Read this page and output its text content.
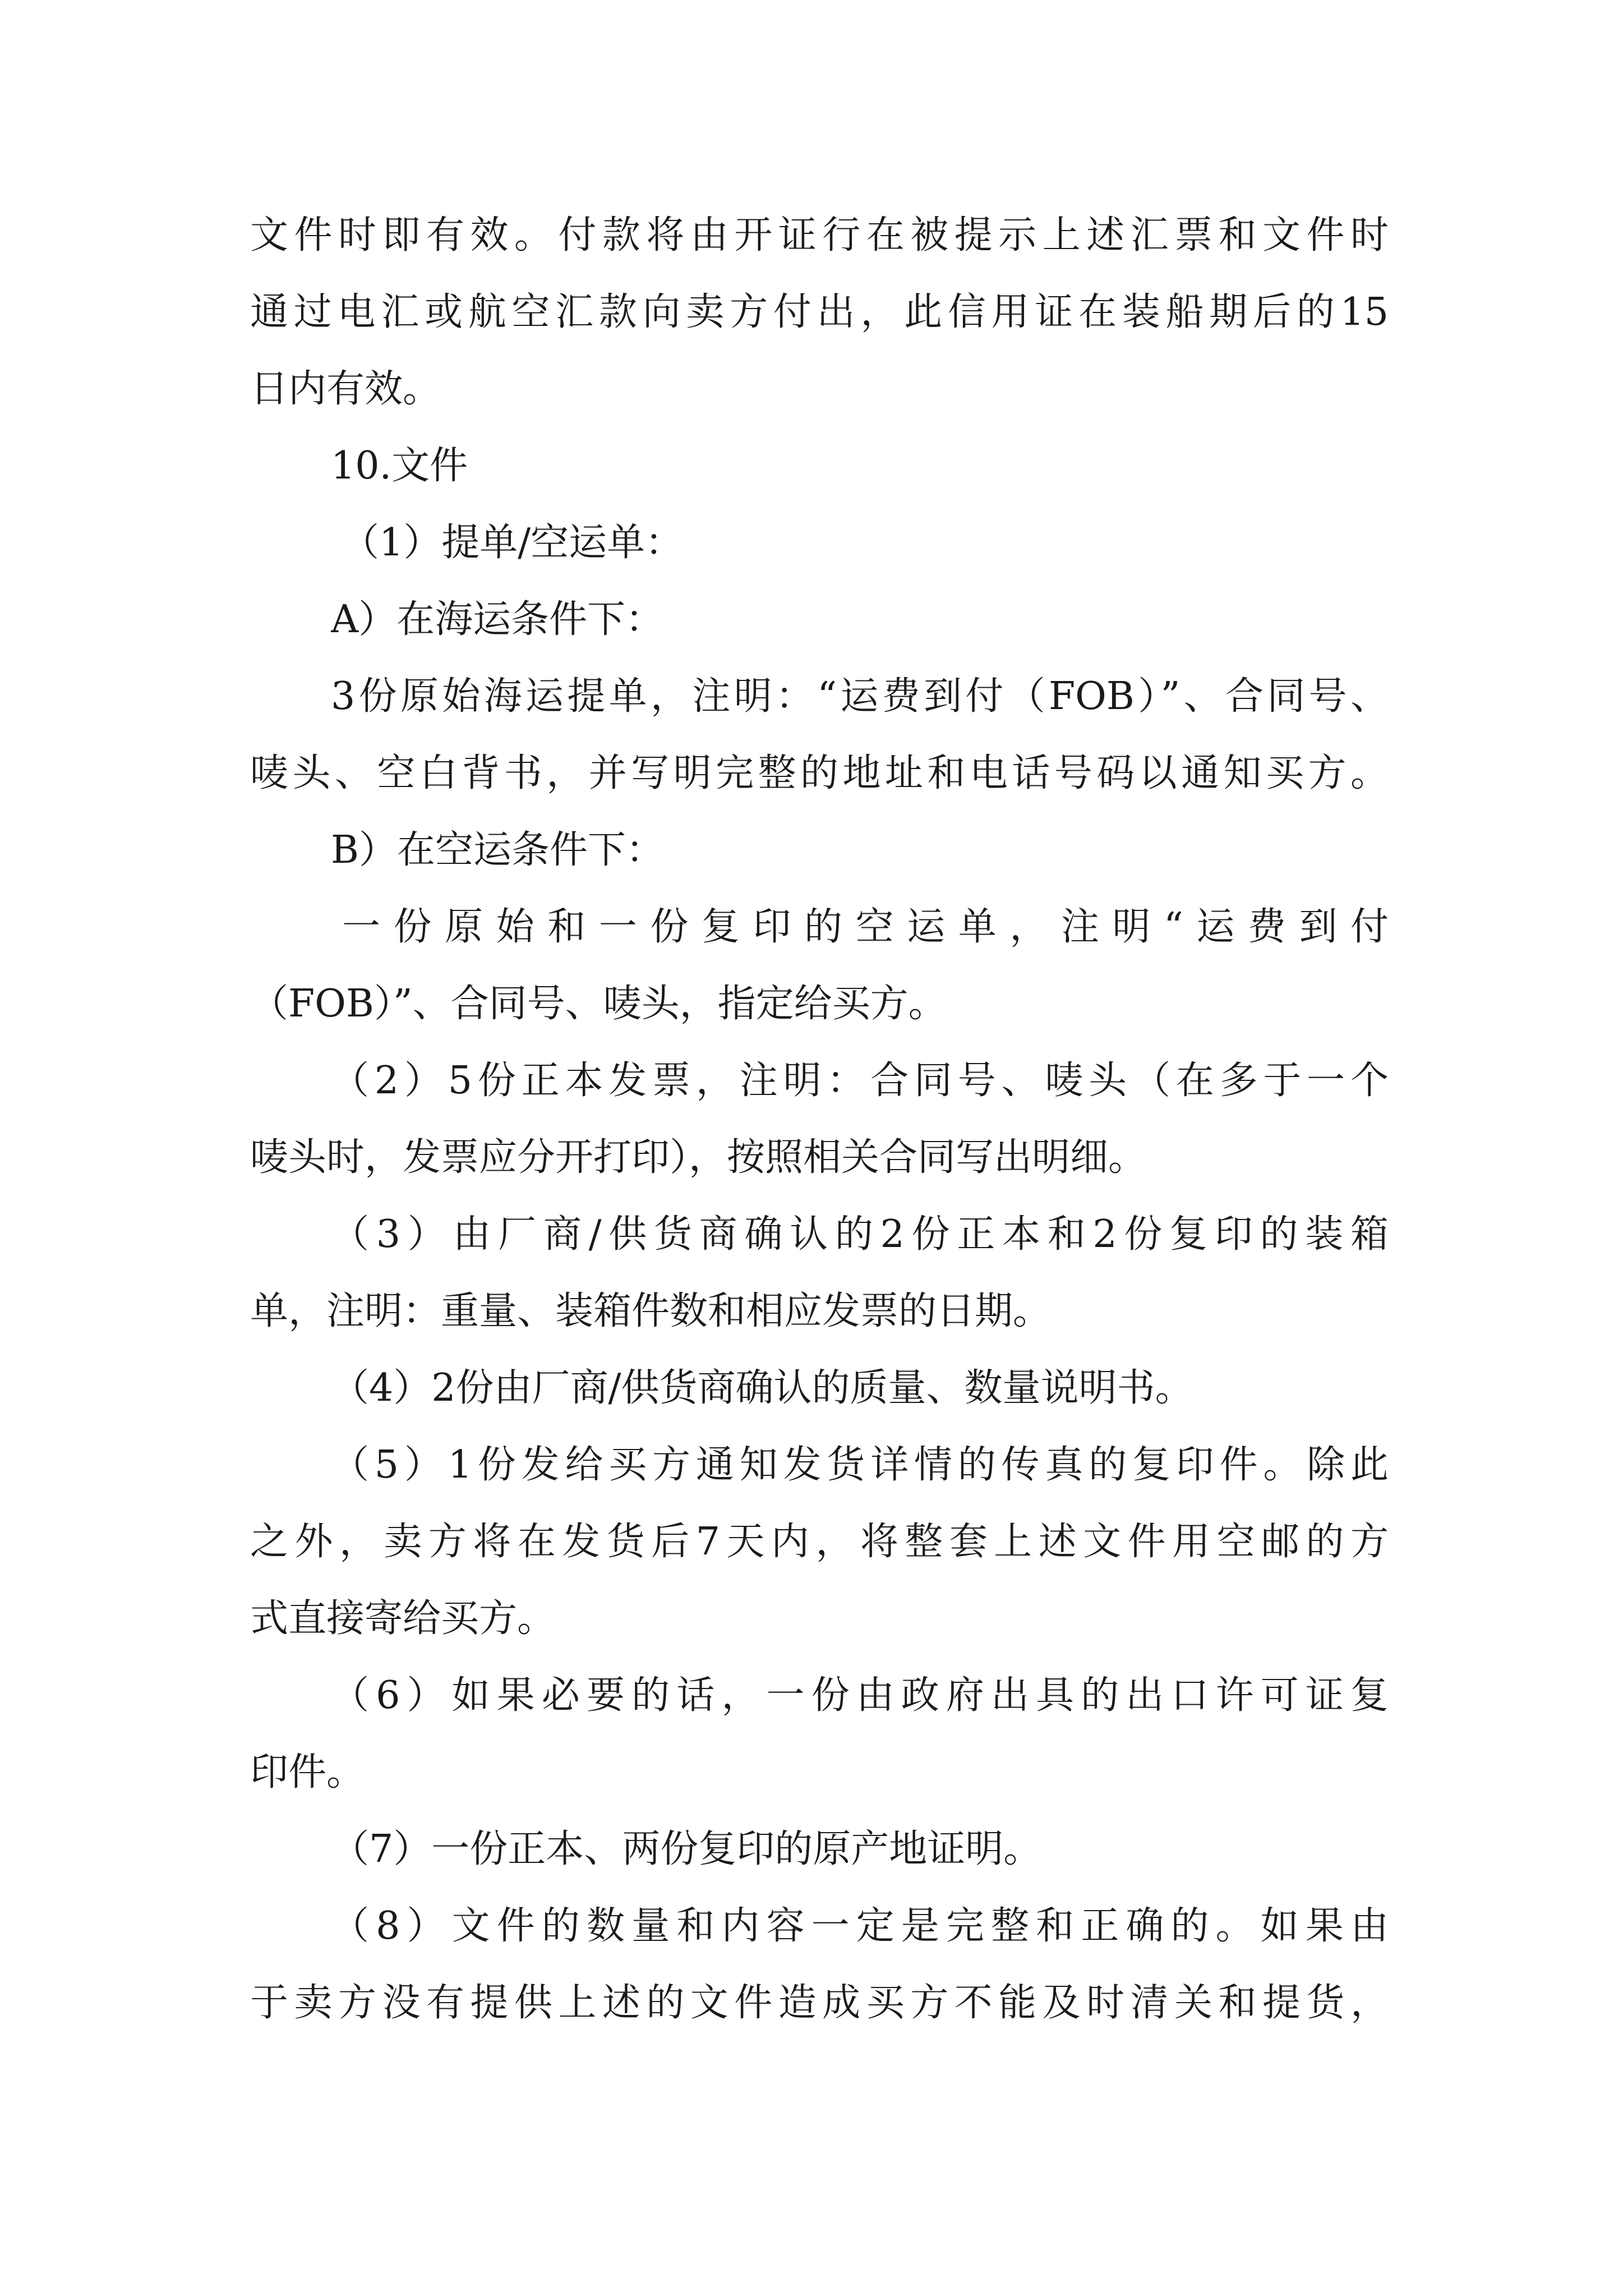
文件时即有效。付款将由开证行在被提示上述汇票和文件时

通过电汇或航空汇款向卖方付出，此信用证在装船期后的15

日内有效。

10.文件

（1）提单/空运单：

A）在海运条件下：

3份原始海运提单，注明：“运费到付（FOB）”、合同号、

唛头、空白背书，并写明完整的地址和电话号码以通知买方。

B）在空运条件下：

一份原始和一份复印的空运单，注明“运费到付

（FOB）”、合同号、唛头，指定给买方。

（2）5份正本发票，注明：合同号、唛头（在多于一个

唛头时，发票应分开打印），按照相关合同写出明细。

（3）由厂商/供货商确认的2份正本和2份复印的装箱

单，注明：重量、装箱件数和相应发票的日期。

（4）2份由厂商/供货商确认的质量、数量说明书。

（5）1份发给买方通知发货详情的传真的复印件。除此

之外，卖方将在发货后7天内，将整套上述文件用空邮的方

式直接寄给买方。

（6）如果必要的话，一份由政府出具的出口许可证复

印件。

（7）一份正本、两份复印的原产地证明。

（8）文件的数量和内容一定是完整和正确的。如果由

于卖方没有提供上述的文件造成买方不能及时清关和提货，
